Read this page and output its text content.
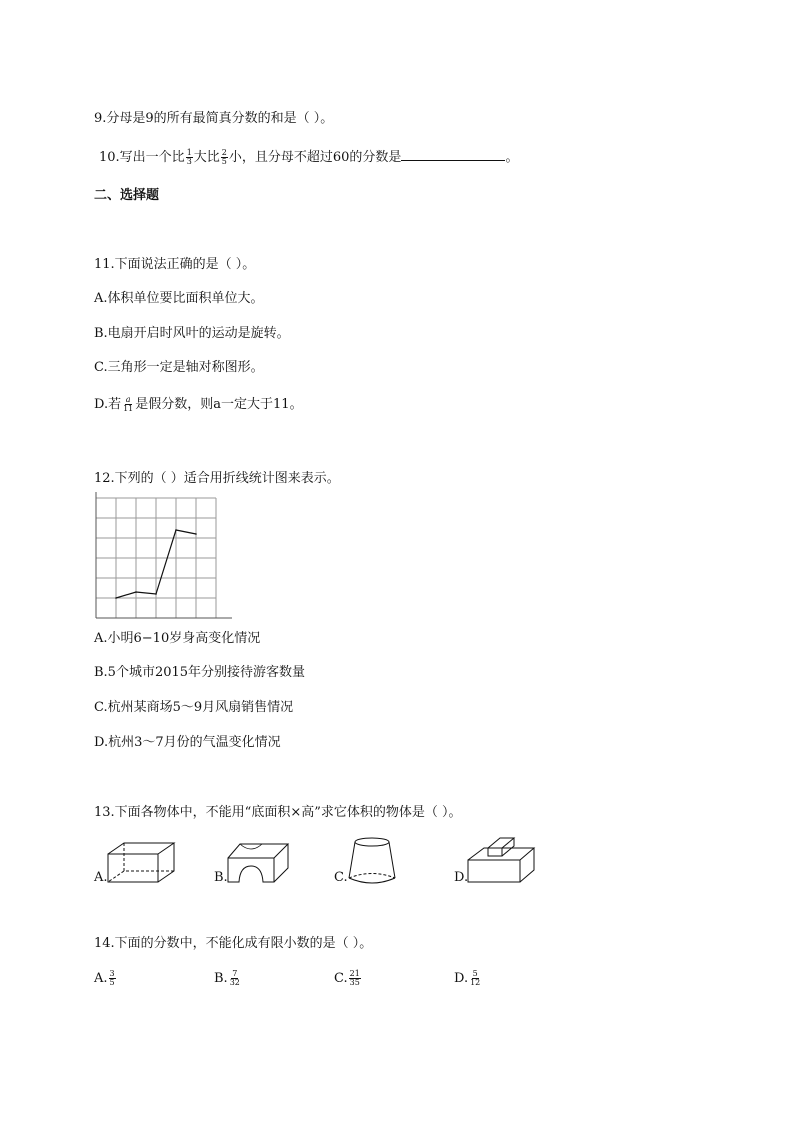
9.分母是9的所有最简真分数的和是（ ）。
10.写出一个比 $\frac{1}{3}$ 大比 $\frac{2}{5}$ 小，且分母不超过60的分数是	。
二、选择题
11.下面说法正确的是（ ）。
A.体积单位要比面积单位大。
B.电扇开启时风叶的运动是旋转。
C.三角形一定是轴对称图形。
D.若 $\frac{a}{11}$ 是假分数，则a一定大于11。
12.下列的（ ）适合用折线统计图来表示。
A.小明6−10岁身高变化情况
B.5个城市2015年分别接待游客数量
C.杭州某商场5～9月风扇销售情况
D.杭州3～7月份的气温变化情况
13.下面各物体中，不能用“底面积×高”求它体积的物体是（ ）。
A.	B.	C.	D.
14.下面的分数中，不能化成有限小数的是（ ）。
A. $\frac{3}{5}$	B. $\frac{7}{32}$	C. $\frac{21}{35}$	D. $\frac{5}{12}$
